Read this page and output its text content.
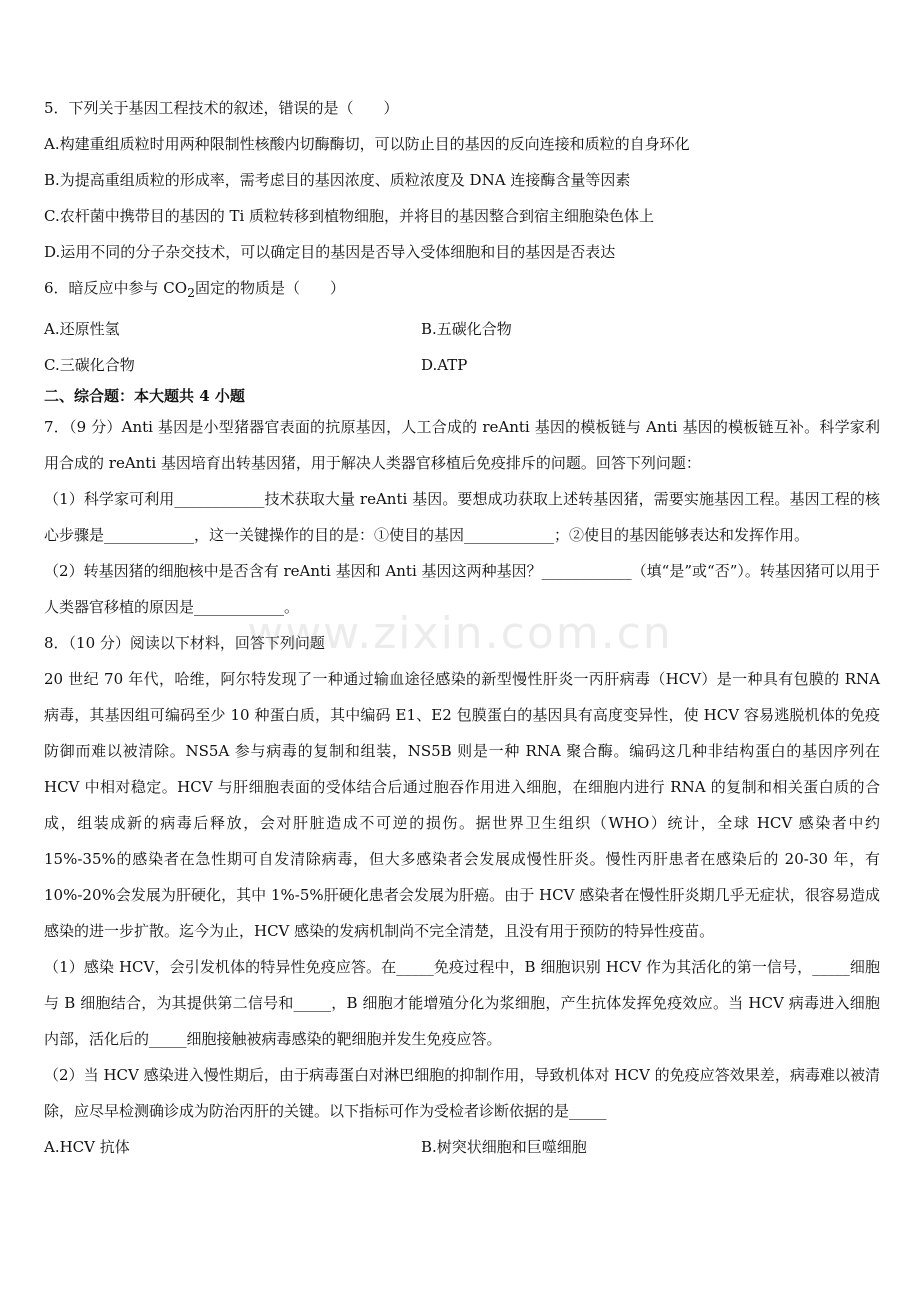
5．下列关于基因工程技术的叙述，错误的是（　　）
A.构建重组质粒时用两种限制性核酸内切酶酶切，可以防止目的基因的反向连接和质粒的自身环化
B.为提高重组质粒的形成率，需考虑目的基因浓度、质粒浓度及 DNA 连接酶含量等因素
C.农杆菌中携带目的基因的 Ti 质粒转移到植物细胞，并将目的基因整合到宿主细胞染色体上
D.运用不同的分子杂交技术，可以确定目的基因是否导入受体细胞和目的基因是否表达
6．暗反应中参与 $CO_2$固定的物质是（　　）
A.还原性氢	B.五碳化合物
C.三碳化合物	D.ATP
二、综合题：本大题共 4 小题
7．（9 分）Anti 基因是小型猪器官表面的抗原基因，人工合成的 reAnti 基因的模板链与 Anti 基因的模板链互补。科学家利用合成的 reAnti 基因培育出转基因猪，用于解决人类器官移植后免疫排斥的问题。回答下列问题：
（1）科学家可利用____________技术获取大量 reAnti 基因。要想成功获取上述转基因猪，需要实施基因工程。基因工程的核心步骤是____________，这一关键操作的目的是：①使目的基因____________；②使目的基因能够表达和发挥作用。
（2）转基因猪的细胞核中是否含有 reAnti 基因和 Anti 基因这两种基因？____________（填“是”或“否”）。转基因猪可以用于人类器官移植的原因是____________。
8．（10 分）阅读以下材料，回答下列问题
20 世纪 70 年代，哈维，阿尔特发现了一种通过输血途径感染的新型慢性肝炎一丙肝病毒（HCV）是一种具有包膜的 RNA 病毒，其基因组可编码至少 10 种蛋白质，其中编码 E1、E2 包膜蛋白的基因具有高度变异性，使 HCV 容易逃脱机体的免疫防御而难以被清除。NS5A 参与病毒的复制和组装，NS5B 则是一种 RNA 聚合酶。编码这几种非结构蛋白的基因序列在 HCV 中相对稳定。HCV 与肝细胞表面的受体结合后通过胞吞作用进入细胞，在细胞内进行 RNA 的复制和相关蛋白质的合成，组装成新的病毒后释放，会对肝脏造成不可逆的损伤。据世界卫生组织（WHO）统计，全球 HCV 感染者中约 15%-35%的感染者在急性期可自发清除病毒，但大多感染者会发展成慢性肝炎。慢性丙肝患者在感染后的 20-30 年，有 10%-20%会发展为肝硬化，其中 1%-5%肝硬化患者会发展为肝癌。由于 HCV 感染者在慢性肝炎期几乎无症状，很容易造成感染的进一步扩散。迄今为止，HCV 感染的发病机制尚不完全清楚，且没有用于预防的特异性疫苗。
（1）感染 HCV，会引发机体的特异性免疫应答。在_____免疫过程中，B 细胞识别 HCV 作为其活化的第一信号，_____细胞与 B 细胞结合，为其提供第二信号和_____，B 细胞才能增殖分化为浆细胞，产生抗体发挥免疫效应。当 HCV 病毒进入细胞内部，活化后的_____细胞接触被病毒感染的靶细胞并发生免疫应答。
（2）当 HCV 感染进入慢性期后，由于病毒蛋白对淋巴细胞的抑制作用，导致机体对 HCV 的免疫应答效果差，病毒难以被清除，应尽早检测确诊成为防治丙肝的关键。以下指标可作为受检者诊断依据的是_____
A.HCV 抗体	B.树突状细胞和巨噬细胞
www.zixin.com.cn
